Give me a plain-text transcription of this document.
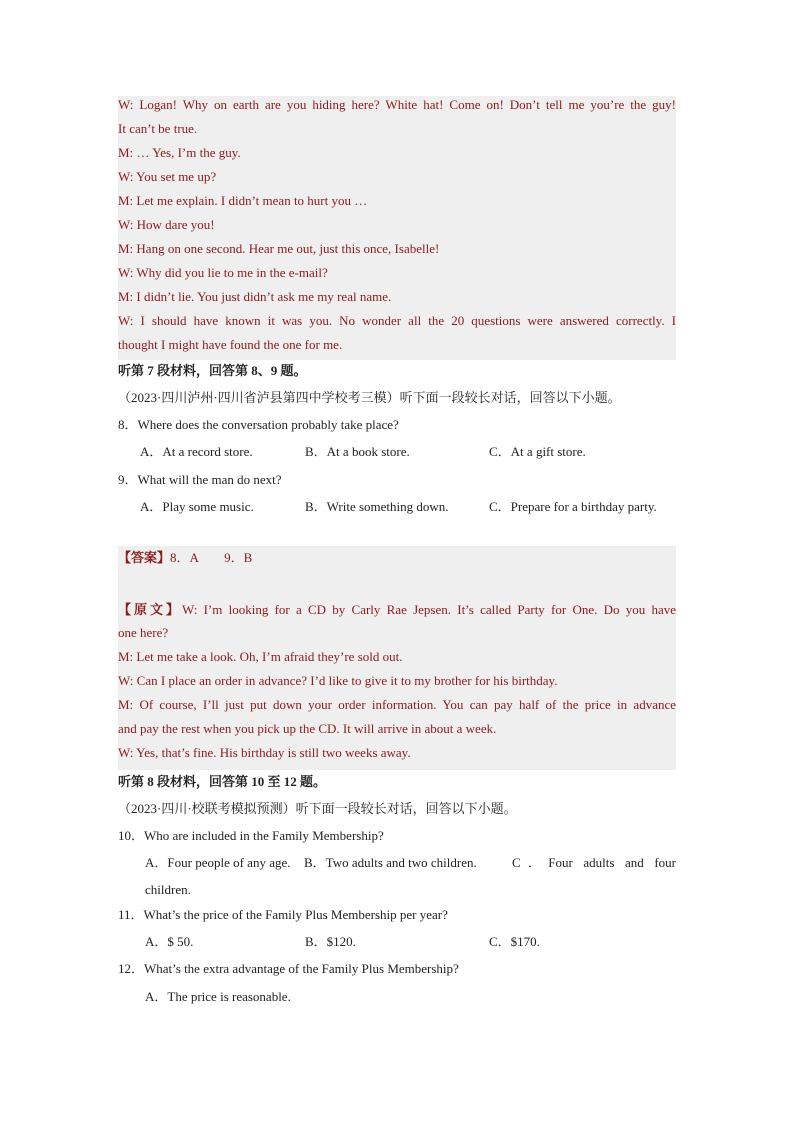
W: Logan! Why on earth are you hiding here? White hat! Come on! Don’t tell me you’re the guy!
It can’t be true.
M: … Yes, I’m the guy.
W: You set me up?
M: Let me explain. I didn’t mean to hurt you …
W: How dare you!
M: Hang on one second. Hear me out, just this once, Isabelle!
W: Why did you lie to me in the e-mail?
M: I didn’t lie. You just didn’t ask me my real name.
W: I should have known it was you. No wonder all the 20 questions were answered correctly. I
thought I might have found the one for me.
听第 7 段材料，回答第 8、9 题。
（2023·四川泸州·四川省泸县第四中学校考三模）听下面一段较长对话，回答以下小题。
8．Where does the conversation probably take place?
A．At a record store.	B．At a book store.	C．At a gift store.
9．What will the man do next?
A．Play some music.	B．Write something down.	C．Prepare for a birthday party.
【答案】8．A　　9．B
【原文】W: I’m looking for a CD by Carly Rae Jepsen. It’s called Party for One. Do you have
one here?
M: Let me take a look. Oh, I’m afraid they’re sold out.
W: Can I place an order in advance? I’d like to give it to my brother for his birthday.
M: Of course, I’ll just put down your order information. You can pay half of the price in advance
and pay the rest when you pick up the CD. It will arrive in about a week.
W: Yes, that’s fine. His birthday is still two weeks away.
听第 8 段材料，回答第 10 至 12 题。
（2023·四川·校联考模拟预测）听下面一段较长对话，回答以下小题。
10．Who are included in the Family Membership?
A．Four people of any age. B．Two adults and two children.	C．Four adults and four
children.
11．What’s the price of the Family Plus Membership per year?
A．$ 50.	B．$120.	C．$170.
12．What’s the extra advantage of the Family Plus Membership?
A．The price is reasonable.
